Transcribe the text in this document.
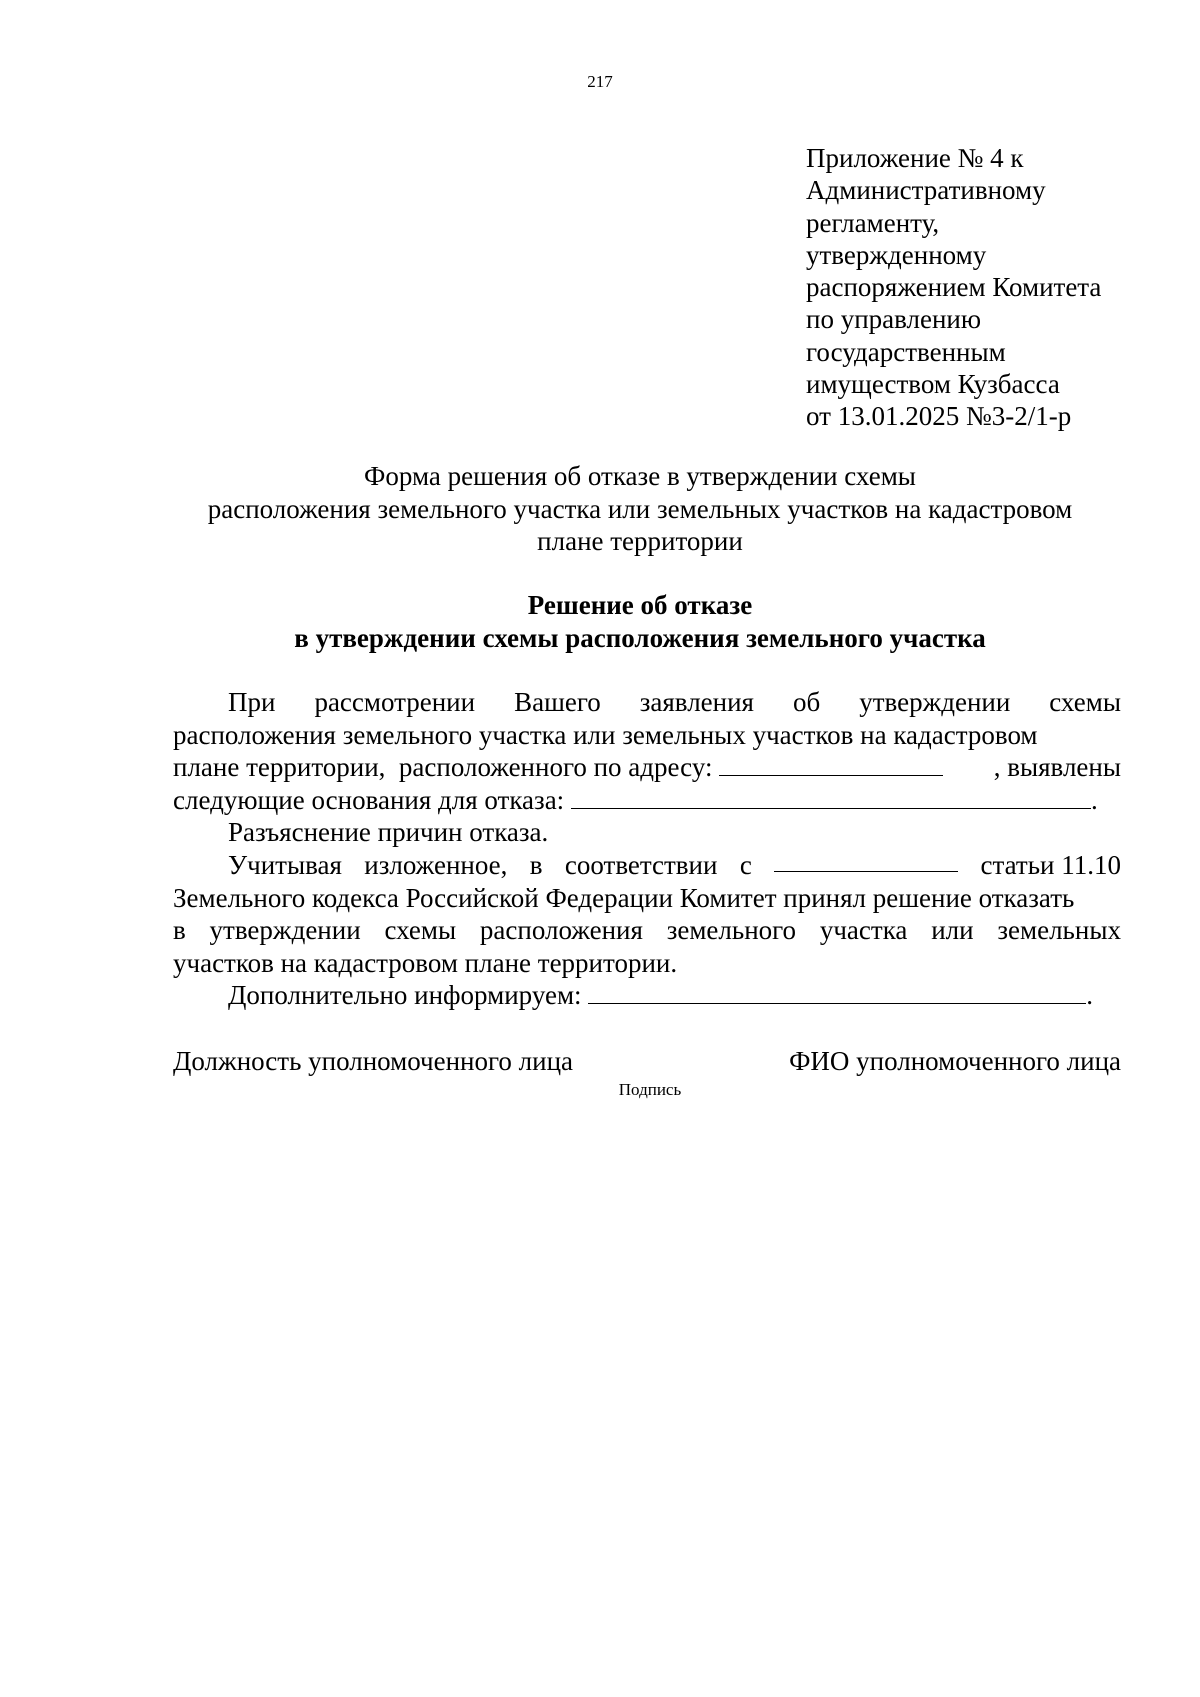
217
Приложение № 4 к
Административному
регламенту,
утвержденному
распоряжением Комитета
по управлению
государственным
имуществом Кузбасса
от 13.01.2025 №3-2/1-р
Форма решения об отказе в утверждении схемы
расположения земельного участка или земельных участков на кадастровом
плане территории
Решение об отказе
в утверждении схемы расположения земельного участка
При рассмотрении Вашего заявления об утверждении схемы
расположения земельного участка или земельных участков на кадастровом
плане территории,  расположенного по адресу:	, выявлены
следующие основания для отказа:	.
Разъяснение причин отказа.
Учитывая изложенное, в соответствии с	статьи 11.10
Земельного кодекса Российской Федерации Комитет принял решение отказать
в утверждении схемы расположения земельного участка или земельных
участков на кадастровом плане территории.
Дополнительно информируем:	.
Должность уполномоченного лица	ФИО уполномоченного лица
Подпись
